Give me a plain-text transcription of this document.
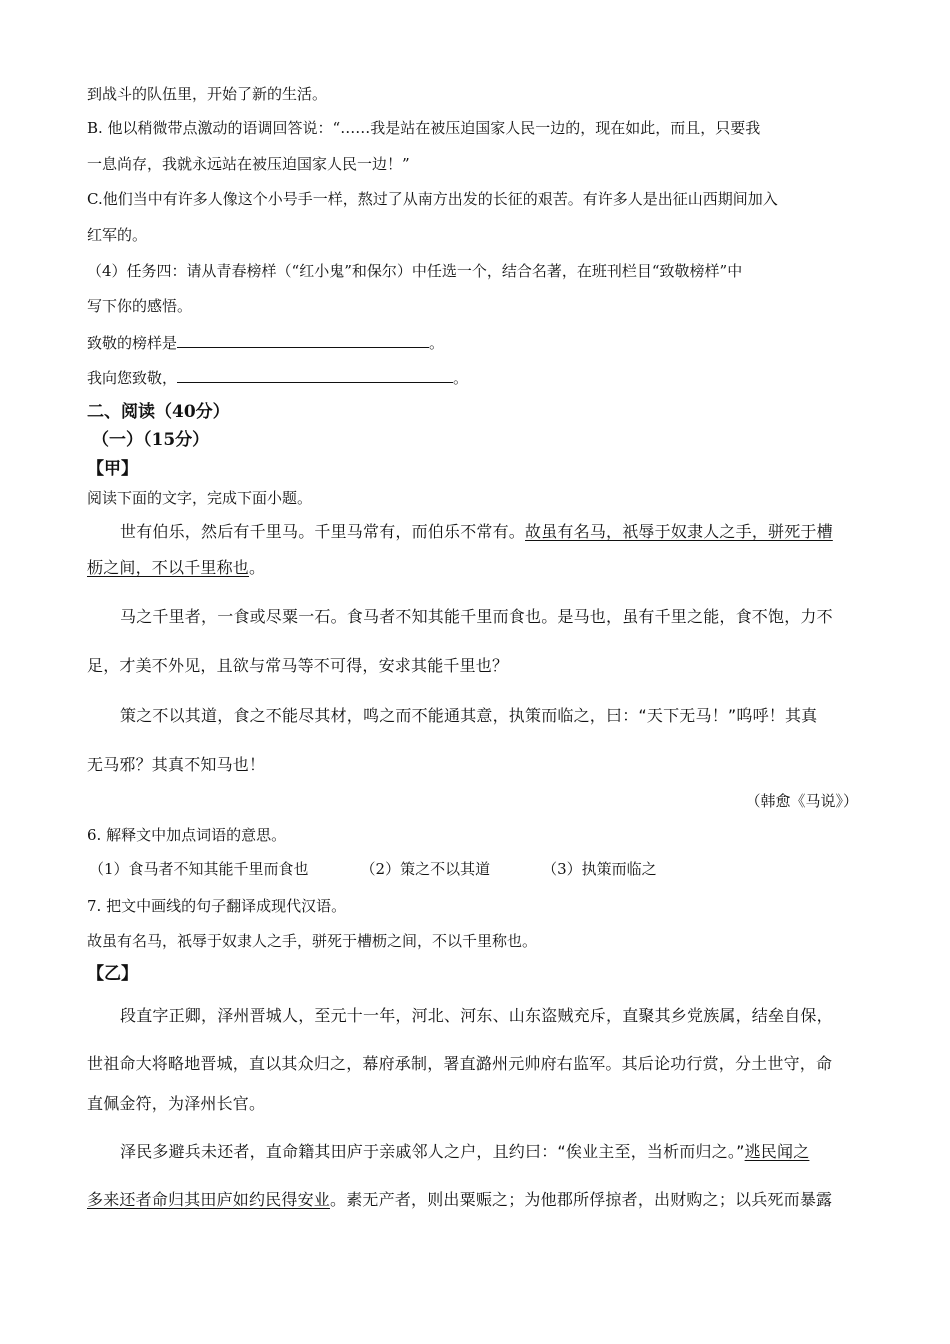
到战斗的队伍里，开始了新的生活。
B. 他以稍微带点激动的语调回答说：“……我是站在被压迫国家人民一边的，现在如此，而且，只要我
一息尚存，我就永远站在被压迫国家人民一边！”
C.他们当中有许多人像这个小号手一样，熬过了从南方出发的长征的艰苦。有许多人是出征山西期间加入
红军的。
（4）任务四：请从青春榜样（“红小鬼”和保尔）中任选一个，结合名著，在班刊栏目“致敬榜样”中
写下你的感悟。
致敬的榜样是	。
我向您致敬，	。
二、阅读（40分）
（一）（15分）
【甲】
阅读下面的文字，完成下面小题。
世有伯乐，然后有千里马。千里马常有，而伯乐不常有。故虽有名马，祇辱于奴隶人之手，骈死于槽
枥之间，不以千里称也。
马之千里者，一食或尽粟一石。食马者不知其能千里而食也。是马也，虽有千里之能，食不饱，力不
足，才美不外见，且欲与常马等不可得，安求其能千里也？
策之不以其道，食之不能尽其材，鸣之而不能通其意，执策而临之，曰：“天下无马！”呜呼！其真
无马邪？其真不知马也！
（韩愈《马说》）
6. 解释文中加点词语的意思。
（1）食马者不知其能千里而食也	（2）策之不以其道	（3）执策而临之
7. 把文中画线的句子翻译成现代汉语。
故虽有名马，祇辱于奴隶人之手，骈死于槽枥之间，不以千里称也。
【乙】
段直字正卿，泽州晋城人，至元十一年，河北、河东、山东盗贼充斥，直聚其乡党族属，结垒自保，
世祖命大将略地晋城，直以其众归之，幕府承制，署直潞州元帅府右监军。其后论功行赏，分土世守，命
直佩金符，为泽州长官。
泽民多避兵未还者，直命籍其田庐于亲戚邻人之户，且约曰：“俟业主至，当析而归之。”逃民闻之
多来还者命归其田庐如约民得安业。素无产者，则出粟赈之；为他郡所俘掠者，出财购之；以兵死而暴露
